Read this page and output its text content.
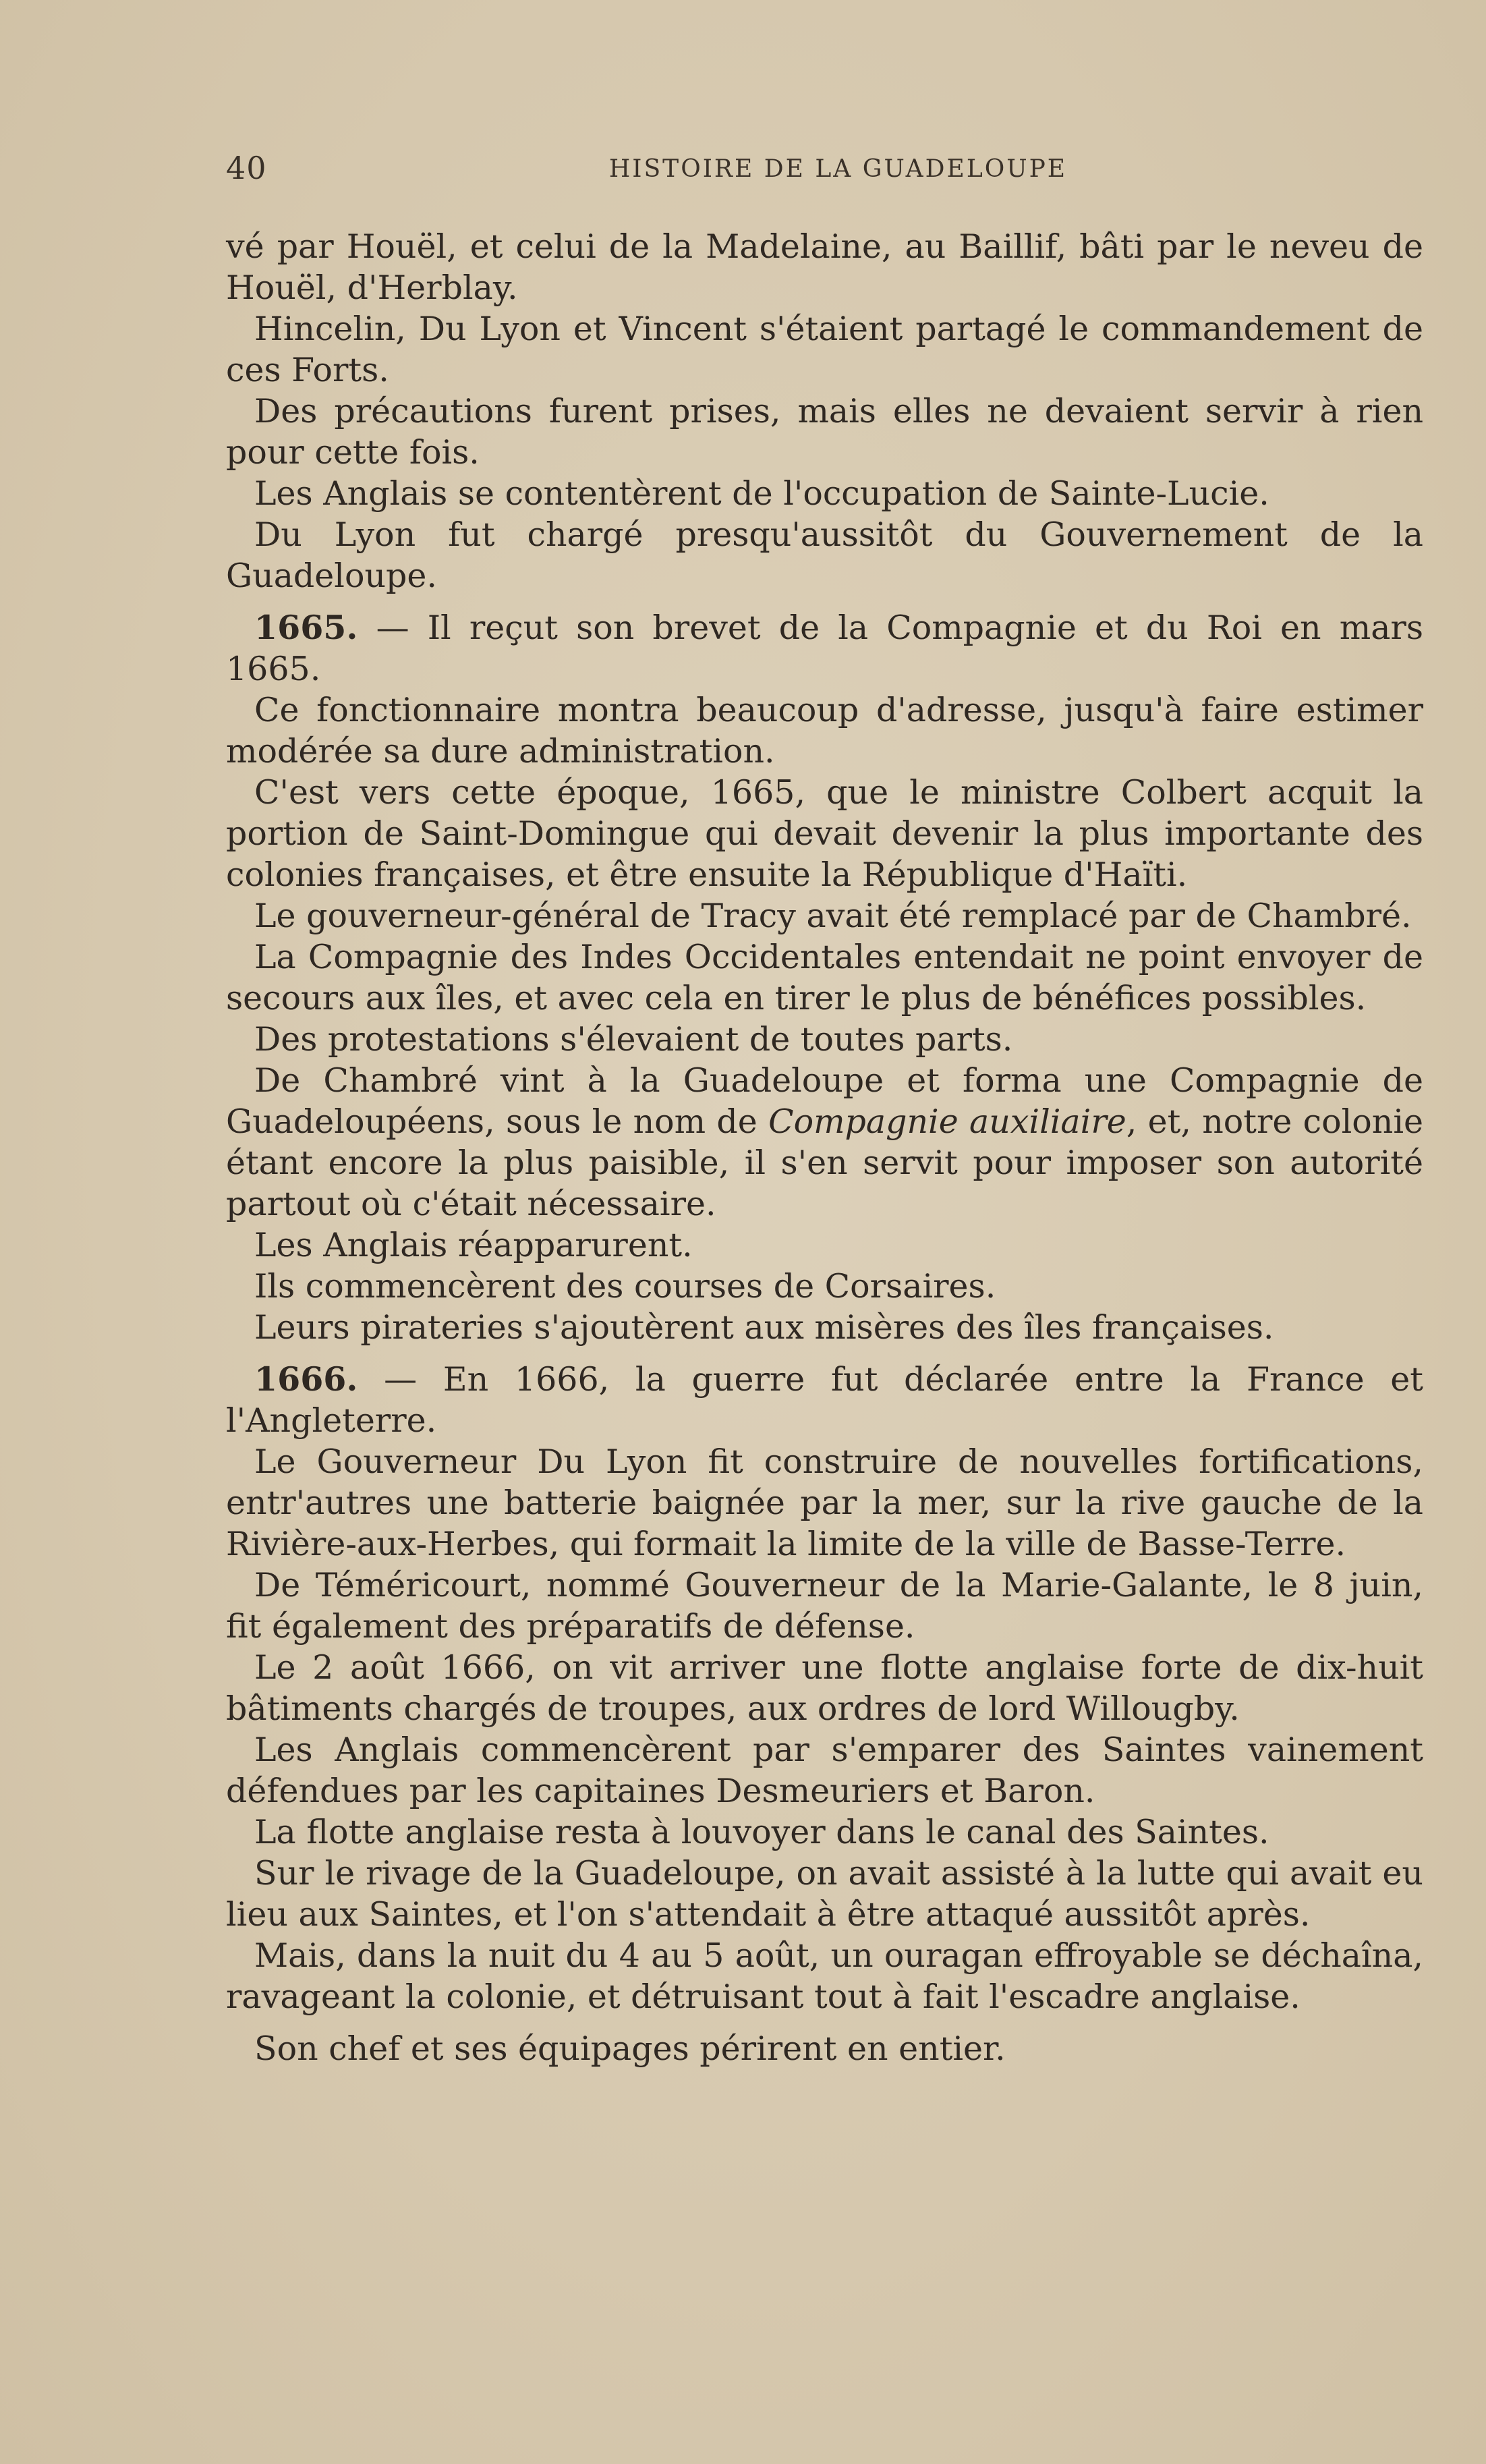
40	HISTOIRE DE LA GUADELOUPE

vé par Houël, et celui de la Madelaine, au Baillif, bâti par le neveu de Houël, d'Herblay.

Hincelin, Du Lyon et Vincent s'étaient partagé le commandement de ces Forts.

Des précautions furent prises, mais elles ne devaient servir à rien pour cette fois.

Les Anglais se contentèrent de l'occupation de Sainte-Lucie.

Du Lyon fut chargé presqu'aussitôt du Gouvernement de la Guadeloupe.

1665. — Il reçut son brevet de la Compagnie et du Roi en mars 1665.

Ce fonctionnaire montra beaucoup d'adresse, jusqu'à faire estimer modérée sa dure administration.

C'est vers cette époque, 1665, que le ministre Colbert acquit la portion de Saint-Domingue qui devait devenir la plus importante des colonies françaises, et être ensuite la République d'Haïti.

Le gouverneur-général de Tracy avait été remplacé par de Chambré.

La Compagnie des Indes Occidentales entendait ne point envoyer de secours aux îles, et avec cela en tirer le plus de bénéfices possibles.

Des protestations s'élevaient de toutes parts.

De Chambré vint à la Guadeloupe et forma une Compagnie de Guadeloupéens, sous le nom de Compagnie auxiliaire, et, notre colonie étant encore la plus paisible, il s'en servit pour imposer son autorité partout où c'était nécessaire.

Les Anglais réapparurent.

Ils commencèrent des courses de Corsaires.

Leurs pirateries s'ajoutèrent aux misères des îles françaises.

1666. — En 1666, la guerre fut déclarée entre la France et l'Angleterre.

Le Gouverneur Du Lyon fit construire de nouvelles fortifications, entr'autres une batterie baignée par la mer, sur la rive gauche de la Rivière-aux-Herbes, qui formait la limite de la ville de Basse-Terre.

De Téméricourt, nommé Gouverneur de la Marie-Galante, le 8 juin, fit également des préparatifs de défense.

Le 2 août 1666, on vit arriver une flotte anglaise forte de dix-huit bâtiments chargés de troupes, aux ordres de lord Willougby.

Les Anglais commencèrent par s'emparer des Saintes vainement défendues par les capitaines Desmeuriers et Baron.

La flotte anglaise resta à louvoyer dans le canal des Saintes.

Sur le rivage de la Guadeloupe, on avait assisté à la lutte qui avait eu lieu aux Saintes, et l'on s'attendait à être attaqué aussitôt après.

Mais, dans la nuit du 4 au 5 août, un ouragan effroyable se déchaîna, ravageant la colonie, et détruisant tout à fait l'escadre anglaise.

Son chef et ses équipages périrent en entier.
